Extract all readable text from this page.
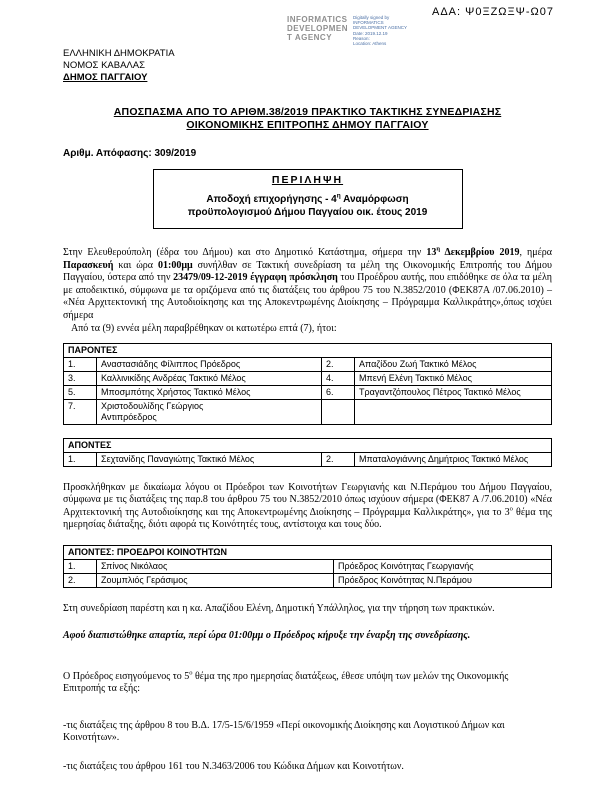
ΑΔΑ: Ψ0ΞΖΩΞΨ-Ω07
INFORMATICS
DEVELOPMEN
T AGENCY
Digitally signed by
INFORMATICS
DEVELOPMENT AGENCY
Date: 2019.12.19
Reason:
Location: Athens
ΕΛΛΗΝΙΚΗ ΔΗΜΟΚΡΑΤΙΑ
ΝΟΜΟΣ ΚΑΒΑΛΑΣ
ΔΗΜΟΣ ΠΑΓΓΑΙΟΥ
ΑΠΟΣΠΑΣΜΑ ΑΠΟ ΤΟ ΑΡΙΘΜ.38/2019 ΠΡΑΚΤΙΚΟ ΤΑΚΤΙΚΗΣ ΣΥΝΕΔΡΙΑΣΗΣ
ΟΙΚΟΝΟΜΙΚΗΣ ΕΠΙΤΡΟΠΗΣ ΔΗΜΟΥ ΠΑΓΓΑΙΟΥ
Αριθμ. Απόφασης: 309/2019
ΠΕΡΙΛΗΨΗ
Αποδοχή επιχορήγησης - $4^\eta$ Αναμόρφωση προϋπολογισμού Δήμου Παγγαίου οικ. έτους 2019
Στην Ελευθερούπολη (έδρα του Δήμου) και στο Δημοτικό Κατάστημα, σήμερα την $13^\eta$ Δεκεμβρίου 2019, ημέρα Παρασκευή και ώρα 01:00μμ συνήλθαν σε Τακτική συνεδρίαση τα μέλη της Οικονομικής Επιτροπής του Δήμου Παγγαίου, ύστερα από την 23479/09-12-2019 έγγραφη πρόσκληση του Προέδρου αυτής, που επιδόθηκε σε όλα τα μέλη με αποδεικτικό, σύμφωνα με τα οριζόμενα από τις διατάξεις του άρθρου 75 του Ν.3852/2010 (ΦΕΚ87Α /07.06.2010) – «Νέα Αρχιτεκτονική της Αυτοδιοίκησης και της Αποκεντρωμένης Διοίκησης – Πρόγραμμα Καλλικράτης»,όπως ισχύει σήμερα
Από τα (9) εννέα μέλη παραβρέθηκαν οι κατωτέρω επτά (7), ήτοι:
ΠΑΡΟΝΤΕΣ			
1.	Αναστασιάδης Φίλιππος Πρόεδρος	2.	Απαζίδου Ζωή Τακτικό Μέλος
3.	Καλλινικίδης Ανδρέας Τακτικό Μέλος	4.	Μπενή Ελένη Τακτικό Μέλος
5.	Μποσμπότης Χρήστος Τακτικό Μέλος	6.	Τραγαντζόπουλος Πέτρος Τακτικό Μέλος
7.	Χριστοδουλίδης Γεώργιος Αντιπρόεδρος		

ΑΠΟΝΤΕΣ
1.	Σεχτανίδης Παναγιώτης Τακτικό Μέλος	2.	Μπαταλογιάννης Δημήτριος Τακτικό Μέλος
Προσκλήθηκαν με δικαίωμα λόγου οι Πρόεδροι των Κοινοτήτων Γεωργιανής και Ν.Περάμου του Δήμου Παγγαίου, σύμφωνα με τις διατάξεις της παρ.8 του άρθρου 75 του Ν.3852/2010 όπως ισχύουν σήμερα (ΦΕΚ87 Α /7.06.2010) «Νέα Αρχιτεκτονική της Αυτοδιοίκησης και της Αποκεντρωμένης Διοίκησης – Πρόγραμμα Καλλικράτης», για το $3^o$ θέμα της ημερησίας διάταξης, διότι αφορά τις Κοινότητές τους, αντίστοιχα και τους δύο.
ΑΠΟΝΤΕΣ: ΠΡΟΕΔΡΟΙ ΚΟΙΝΟΤΗΤΩΝ		
1.	Σπίνος Νικόλαος	Πρόεδρος Κοινότητας Γεωργιανής
2.	Ζουμπλιός Γεράσιμος	Πρόεδρος Κοινότητας Ν.Περάμου
Στη συνεδρίαση παρέστη και η κα. Απαζίδου Ελένη, Δημοτική Υπάλληλος, για την τήρηση των πρακτικών.
Αφού διαπιστώθηκε απαρτία, περί ώρα 01:00μμ ο Πρόεδρος κήρυξε την έναρξη της συνεδρίασης.
Ο Πρόεδρος εισηγούμενος το $5^o$ θέμα της προ ημερησίας διατάξεως, έθεσε υπόψη των μελών της Οικονομικής Επιτροπής τα εξής:
-τις διατάξεις της άρθρου 8 του Β.Δ. 17/5-15/6/1959 «Περί οικονομικής Διοίκησης και Λογιστικού Δήμων και Κοινοτήτων».
-τις διατάξεις του άρθρου 161 του Ν.3463/2006 του Κώδικα Δήμων και Κοινοτήτων.
